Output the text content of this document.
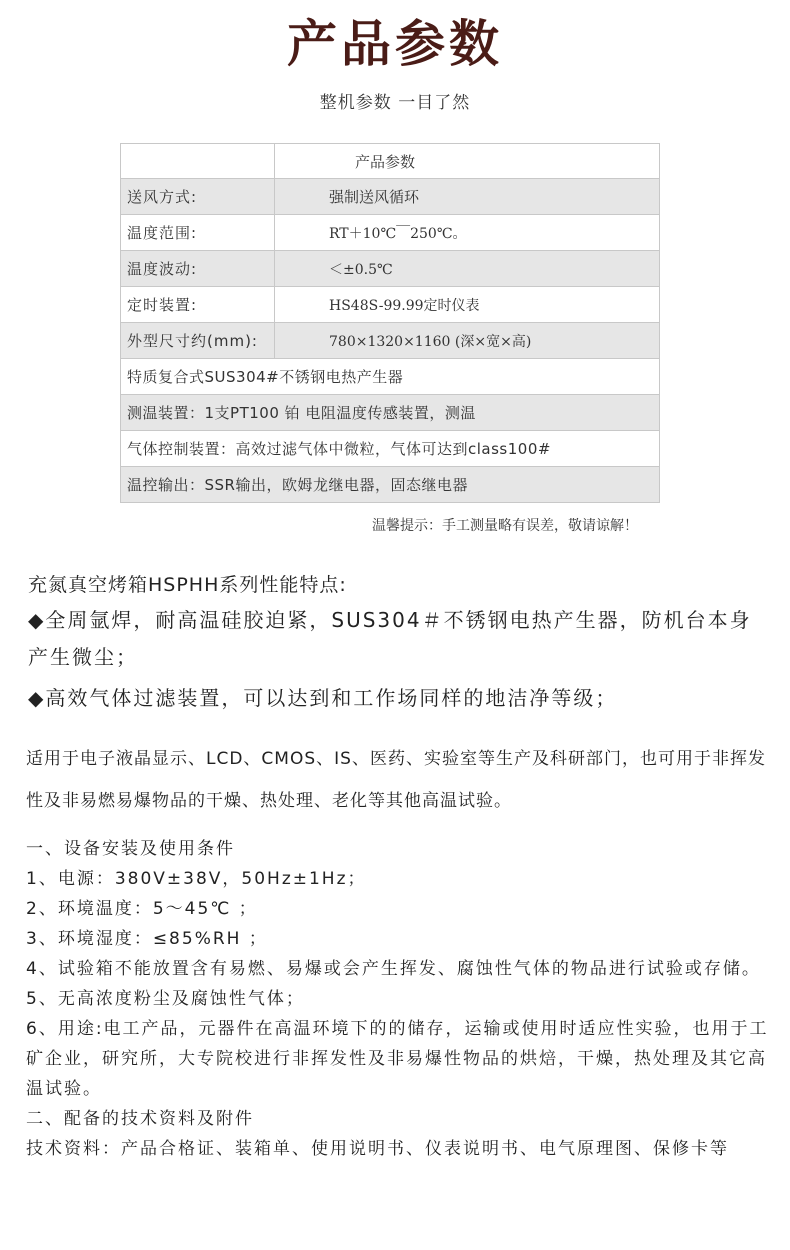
产品参数
整机参数 一目了然
	产品参数
送风方式:	强制送风循环
温度范围:	RT＋10℃￣250℃。
温度波动:	＜±0.5℃
定时装置:	HS48S-99.99定时仪表
外型尺寸约(mm):	780×1320×1160 (深×宽×高)
特质复合式SUS304#不锈钢电热产生器	
测温装置：1支PT100 铂 电阻温度传感装置，测温	
气体控制装置：高效过滤气体中微粒，气体可达到class100#	
温控输出：SSR输出，欧姆龙继电器，固态继电器	
温馨提示：手工测量略有误差，敬请谅解！
充氮真空烤箱HSPHH系列性能特点:
◆全周氩焊，耐高温硅胶迫紧，SUS304＃不锈钢电热产生器，防机台本身产生微尘；
◆高效气体过滤装置，可以达到和工作场同样的地洁净等级；
适用于电子液晶显示、LCD、CMOS、IS、医药、实验室等生产及科研部门，也可用于非挥发性及非易燃易爆物品的干燥、热处理、老化等其他高温试验。
一、设备安装及使用条件
1、电源：380V±38V，50Hz±1Hz；
2、环境温度：5～45℃ ；
3、环境湿度：≤85%RH ；
4、试验箱不能放置含有易燃、易爆或会产生挥发、腐蚀性气体的物品进行试验或存储。
5、无高浓度粉尘及腐蚀性气体；
6、用途:电工产品，元器件在高温环境下的的储存，运输或使用时适应性实验，也用于工矿企业，研究所，大专院校进行非挥发性及非易爆性物品的烘焙，干燥，热处理及其它高温试验。
二、配备的技术资料及附件
技术资料：产品合格证、装箱单、使用说明书、仪表说明书、电气原理图、保修卡等
